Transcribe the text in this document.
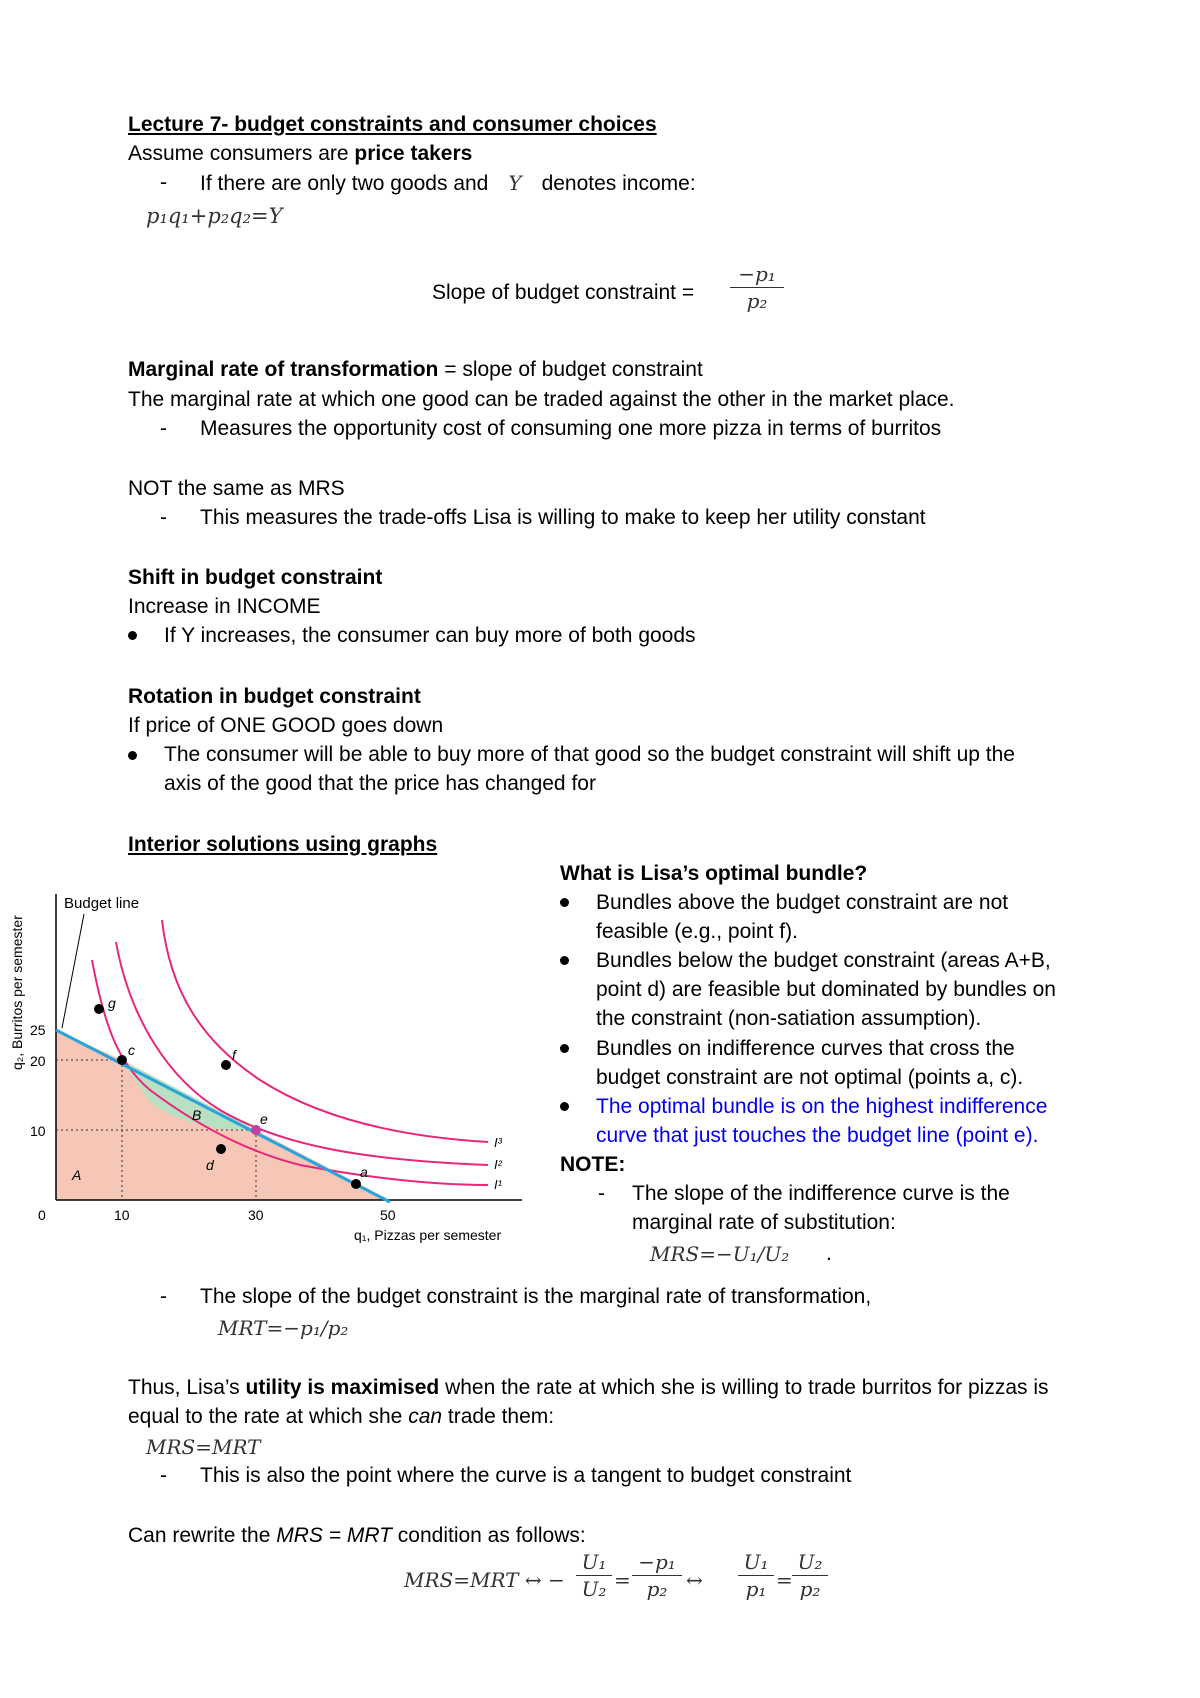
Lecture 7- budget constraints and consumer choices
Assume consumers are price takers
- If there are only two goods and Y denotes income:
p₁q₁+p₂q₂=Y
Slope of budget constraint = $\frac{\text{−p₁}}{\text{p₂}}$
Marginal rate of transformation = slope of budget constraint
The marginal rate at which one good can be traded against the other in the market place.
- Measures the opportunity cost of consuming one more pizza in terms of burritos
NOT the same as MRS
- This measures the trade-offs Lisa is willing to make to keep her utility constant
Shift in budget constraint
Increase in INCOME
If Y increases, the consumer can buy more of both goods
Rotation in budget constraint
If price of ONE GOOD goes down
The consumer will be able to buy more of that good so the budget constraint will shift up the
axis of the good that the price has changed for
Interior solutions using graphs
Budget line
q₂, Burritos per semester
q₁, Pizzas per semester
25
20
10
0	10	30	50
g
c	f
B	e
d	a
A
I³
I²
I¹
What is Lisa’s optimal bundle?
Bundles above the budget constraint are not
feasible (e.g., point f).
Bundles below the budget constraint (areas A+B,
point d) are feasible but dominated by bundles on
the constraint (non-satiation assumption).
Bundles on indifference curves that cross the
budget constraint are not optimal (points a, c).
The optimal bundle is on the highest indifference
curve that just touches the budget line (point e).
NOTE:
- The slope of the indifference curve is the
marginal rate of substitution:
MRS=−U₁/U₂ .
- The slope of the budget constraint is the marginal rate of transformation,
MRT=−p₁/p₂
Thus, Lisa’s utility is maximised when the rate at which she is willing to trade burritos for pizzas is
equal to the rate at which she can trade them:
MRS=MRT
- This is also the point where the curve is a tangent to budget constraint
Can rewrite the MRS = MRT condition as follows:
MRS=MRT ↔ − $\frac{\text{U₁}}{\text{U₂}} = \frac{\text{−p₁}}{\text{p₂}}$ ↔ $\frac{\text{U₁}}{\text{p₁}} = \frac{\text{U₂}}{\text{p₂}}$
